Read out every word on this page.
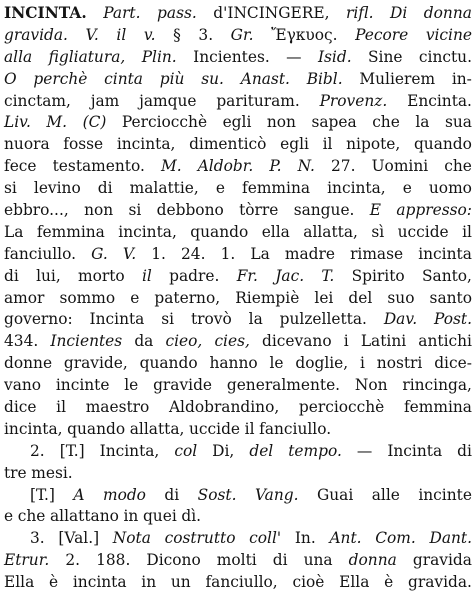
INCINTA. Part. pass. d'INCINGERE, rifl. Di donna
gravida. V. il v. § 3. Gr. Ἔγκυος. Pecore vicine
alla figliatura, Plin. Incientes. — Isid. Sine cinctu.
O perchè cinta più su. Anast. Bibl. Mulierem in-
cinctam, jam jamque parituram. Provenz. Encinta.
Liv. M. (C) Perciocchè egli non sapea che la sua
nuora fosse incinta, dimenticò egli il nipote, quando
fece testamento. M. Aldobr. P. N. 27. Uomini che
si levino di malattie, e femmina incinta, e uomo
ebbro..., non si debbono tòrre sangue. E appresso:
La femmina incinta, quando ella allatta, sì uccide il
fanciullo. G. V. 1. 24. 1. La madre rimase incinta
di lui, morto il padre. Fr. Jac. T. Spirito Santo,
amor sommo e paterno, Riempiè lei del suo santo
governo: Incinta si trovò la pulzelletta. Dav. Post.
434. Incientes da cieo, cies, dicevano i Latini antichi
donne gravide, quando hanno le doglie, i nostri dice-
vano incinte le gravide generalmente. Non rincinga,
dice il maestro Aldobrandino, perciocchè femmina
incinta, quando allatta, uccide il fanciullo.
2. [T.] Incinta, col Di, del tempo. — Incinta di
tre mesi.
[T.] A modo di Sost. Vang. Guai alle incinte
e che allattano in quei dì.
3. [Val.] Nota costrutto coll' In. Ant. Com. Dant.
Etrur. 2. 188. Dicono molti di una donna gravida
Ella è incinta in un fanciullo, cioè Ella è gravida.
